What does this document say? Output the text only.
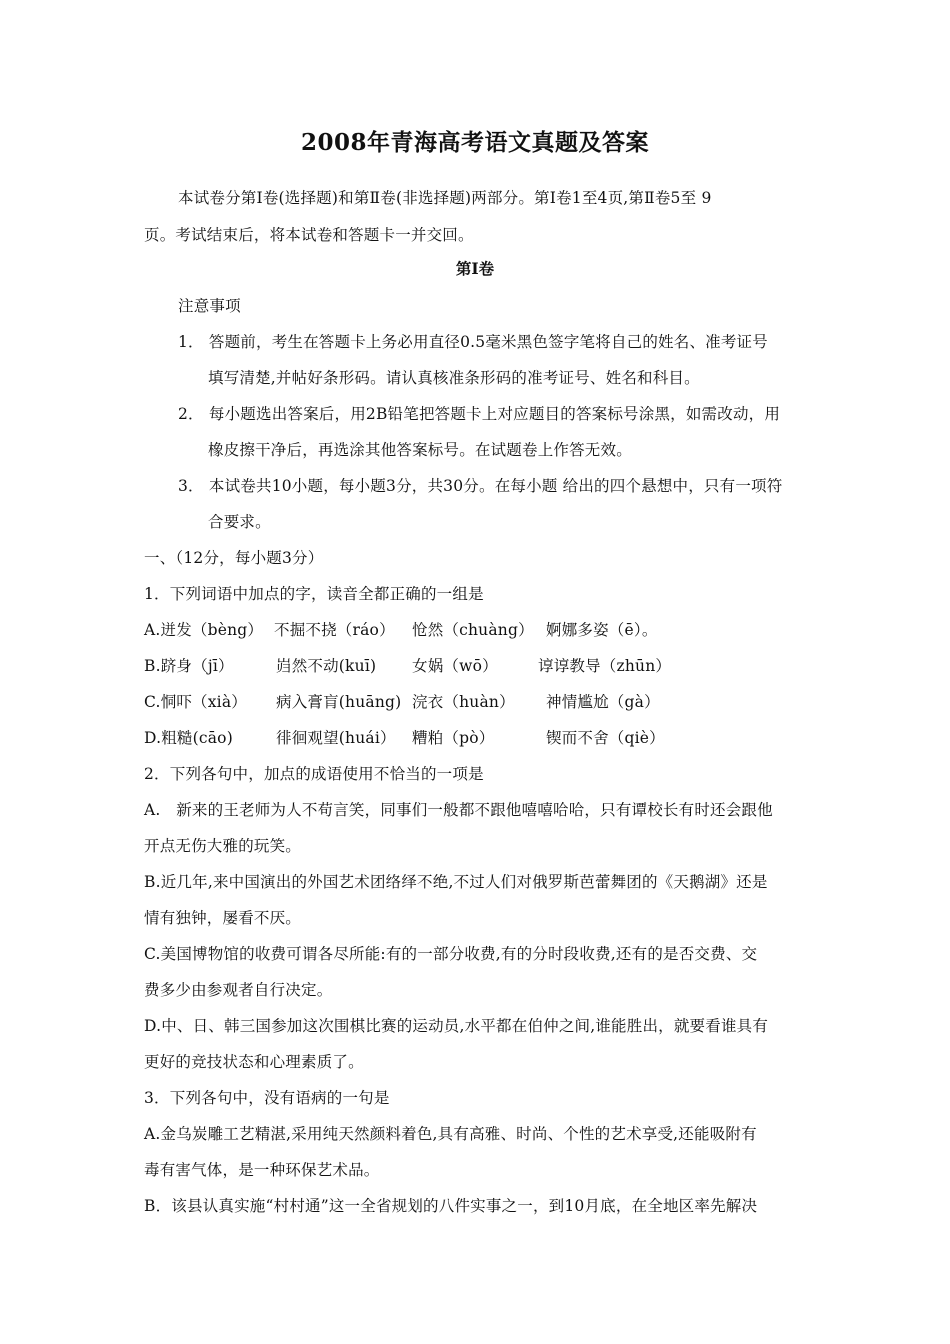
2008年青海高考语文真题及答案
本试卷分第Ⅰ卷(选择题)和第Ⅱ卷(非选择题)两部分。第Ⅰ卷1至4页,第Ⅱ卷5至 9
页。考试结束后，将本试卷和答题卡一并交回。
第Ⅰ卷
注意事项
1． 答题前，考生在答题卡上务必用直径0.5毫米黑色签字笔将自己的姓名、准考证号
填写清楚,并帖好条形码。请认真核准条形码的准考证号、姓名和科目。
2． 每小题选出答案后，用2B铅笔把答题卡上对应题目的答案标号涂黑，如需改动，用
橡皮擦干净后，再选涂其他答案标号。在试题卷上作答无效。
3． 本试卷共10小题，每小题3分，共30分。在每小题 给出的四个悬想中，只有一项符
合要求。
一、（12分，每小题3分）
1．下列词语中加点的字，读音全都正确的一组是
A.迸发（bèng） 不掘不挠（ráo） 怆然（chuàng） 婀娜多姿（ē）。
B.跻身（jī）	岿然不动(kuī) 女娲（wō）	谆谆教导（zhūn）
C.恫吓（xià） 病入膏肓(huāng) 浣衣（huàn） 神情尴尬（gà）
D.粗糙(cāo)	徘徊观望(huái） 糟粕（pò）	锲而不舍（qiè）
2．下列各句中，加点的成语使用不恰当的一项是
A.　新来的王老师为人不苟言笑，同事们一般都不跟他嘻嘻哈哈，只有谭校长有时还会跟他
开点无伤大雅的玩笑。
B.近几年,来中国演出的外国艺术团络绎不绝,不过人们对俄罗斯芭蕾舞团的《天鹅湖》还是
情有独钟，屡看不厌。
C.美国博物馆的收费可谓各尽所能:有的一部分收费,有的分时段收费,还有的是否交费、交
费多少由参观者自行决定。
D.中、日、韩三国参加这次围棋比赛的运动员,水平都在伯仲之间,谁能胜出，就要看谁具有
更好的竞技状态和心理素质了。
3．下列各句中，没有语病的一句是
A.金乌炭雕工艺精湛,采用纯天然颜料着色,具有高雅、时尚、个性的艺术享受,还能吸附有
毒有害气体，是一种环保艺术品。
B．该县认真实施“村村通”这一全省规划的八件实事之一，到10月底，在全地区率先解决
